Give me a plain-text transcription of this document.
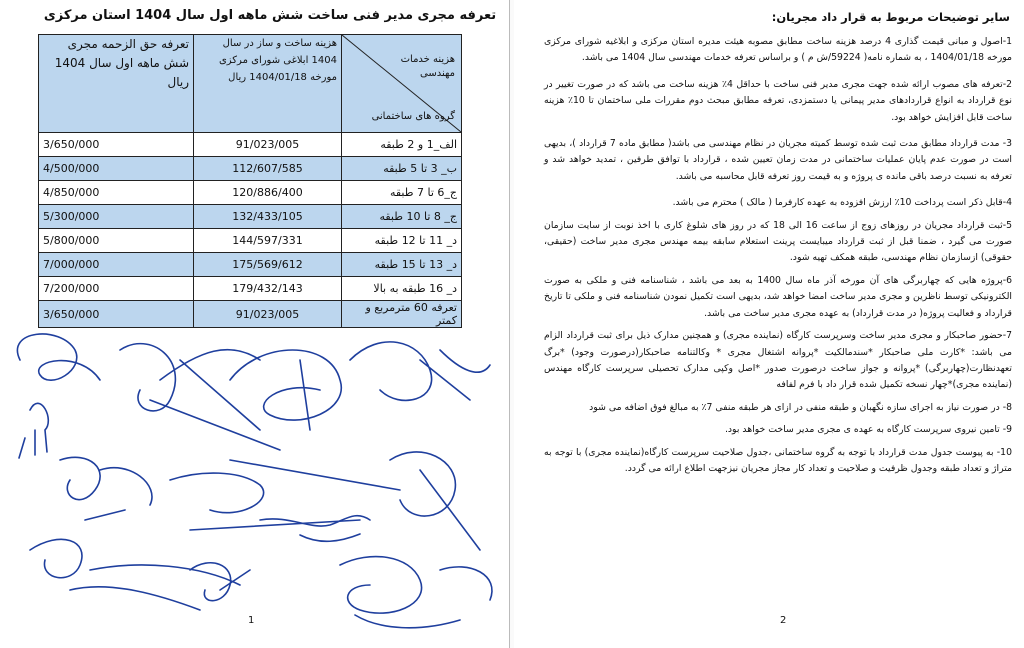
تعرفه مجری مدیر فنی ساخت شش ماهه اول سال 1404 استان مرکزی
هزینه خدمات مهندسی
گروه های ساختمانی	هزینه ساخت و ساز در سال 1404 ابلاغی شورای مرکزی مورخه 1404/01/18 ریال	تعرفه حق الزحمه مجری شش ماهه اول سال 1404 ریال
الف_1 و 2 طبقه	91/023/005	3/650/000
ب_ 3 تا 5 طبقه	112/607/585	4/500/000
ج_6 تا 7 طبقه	120/886/400	4/850/000
ج_ 8 تا 10 طبقه	132/433/105	5/300/000
د_ 11 تا 12 طبقه	144/597/331	5/800/000
د_ 13 تا 15 طبقه	175/569/612	7/000/000
د_ 16 طبقه به بالا	179/432/143	7/200/000
تعرفه 60 مترمربع و کمتر	91/023/005	3/650/000
1
سایر توضیحات مربوط به قرار داد مجریان:
1-اصول و مبانی قیمت گذاری 4 درصد هزینه ساخت مطابق مصوبه هیئت مدیره استان مرکزی و ابلاغیه شورای مرکزی مورخه 1404/01/18 ، به شماره نامه( 59224/ش م ) و براساس تعرفه خدمات مهندسی سال 1404 می باشد.
2-تعرفه های مصوب ارائه شده جهت مجری مدیر فنی ساخت با حداقل 4٪ هزینه ساخت می باشد که در صورت تغییر در نوع قرارداد به انواع قراردادهای مدیر پیمانی یا دستمزدی، تعرفه مطابق مبحث دوم مقررات ملی ساختمان تا 10٪ هزینه ساخت قابل افزایش خواهد بود.
3- مدت قرارداد مطابق مدت ثبت شده توسط کمیته مجریان در نظام مهندسی می باشد( مطابق ماده 7 قرارداد )، بدیهی است در صورت عدم پایان عملیات ساختمانی در مدت زمان تعیین شده ، قرارداد با توافق طرفین ، تمدید خواهد شد و تعرفه به نسبت درصد باقی مانده ی پروژه و به قیمت روز تعرفه قابل محاسبه می باشد.
4-قابل ذکر است پرداخت 10٪ ارزش افزوده به عهده کارفرما ( مالک ) محترم می باشد.
5-ثبت قرارداد مجریان در روزهای زوج از ساعت 16 الی 18 که در روز های شلوغ کاری با اخذ نوبت از سایت سازمان صورت می گیرد ، ضمنا قبل از ثبت قرارداد میبایست پرینت استعلام سابقه بیمه مهندس مجری مدیر ساخت (حقیقی، حقوقی) ازسازمان نظام مهندسی، طبقه همکف تهیه شود.
6-پروژه هایی که چهاربرگی های آن مورخه آذر ماه سال 1400 به بعد می باشد ، شناسنامه فنی و ملکی به صورت الکترونیکی توسط ناظرین و مجری مدیر ساخت امضا خواهد شد، بدیهی است تکمیل نمودن شناسنامه فنی و ملکی تا تاریخ قرارداد و فعالیت پروژه( در مدت قرارداد) به عهده مجری مدیر ساخت می باشد.
7-حضور صاحبکار و مجری مدیر ساخت وسرپرست کارگاه (نماینده مجری) و همچنین مدارک ذیل برای ثبت قرارداد الزام می باشد: *کارت ملی صاحبکار *سندمالکیت *پروانه اشتغال مجری * وکالتنامه صاحبکار(درصورت وجود) *برگ تعهدنظارت(چهاربرگی) *پروانه و جواز ساخت درصورت صدور *اصل وکپی مدارک تحصیلی سرپرست کارگاه مهندس (نماینده مجری)*چهار نسخه تکمیل شده قرار داد با فرم لفافه
8- در صورت نیاز به اجرای سازه نگهبان و طبقه منفی در ازای هر طبقه منفی 7٪ به مبالغ فوق اضافه می شود
9- تامین نیروی سرپرست کارگاه به عهده ی مجری مدیر ساخت خواهد بود.
10- به پیوست جدول مدت قرارداد با توجه به گروه ساختمانی ،جدول صلاحیت سرپرست کارگاه(نماینده مجری) با توجه به متراژ و تعداد طبقه وجدول ظرفیت و صلاحیت و تعداد کار مجاز مجریان نیزجهت اطلاع ارائه می گردد.
2
